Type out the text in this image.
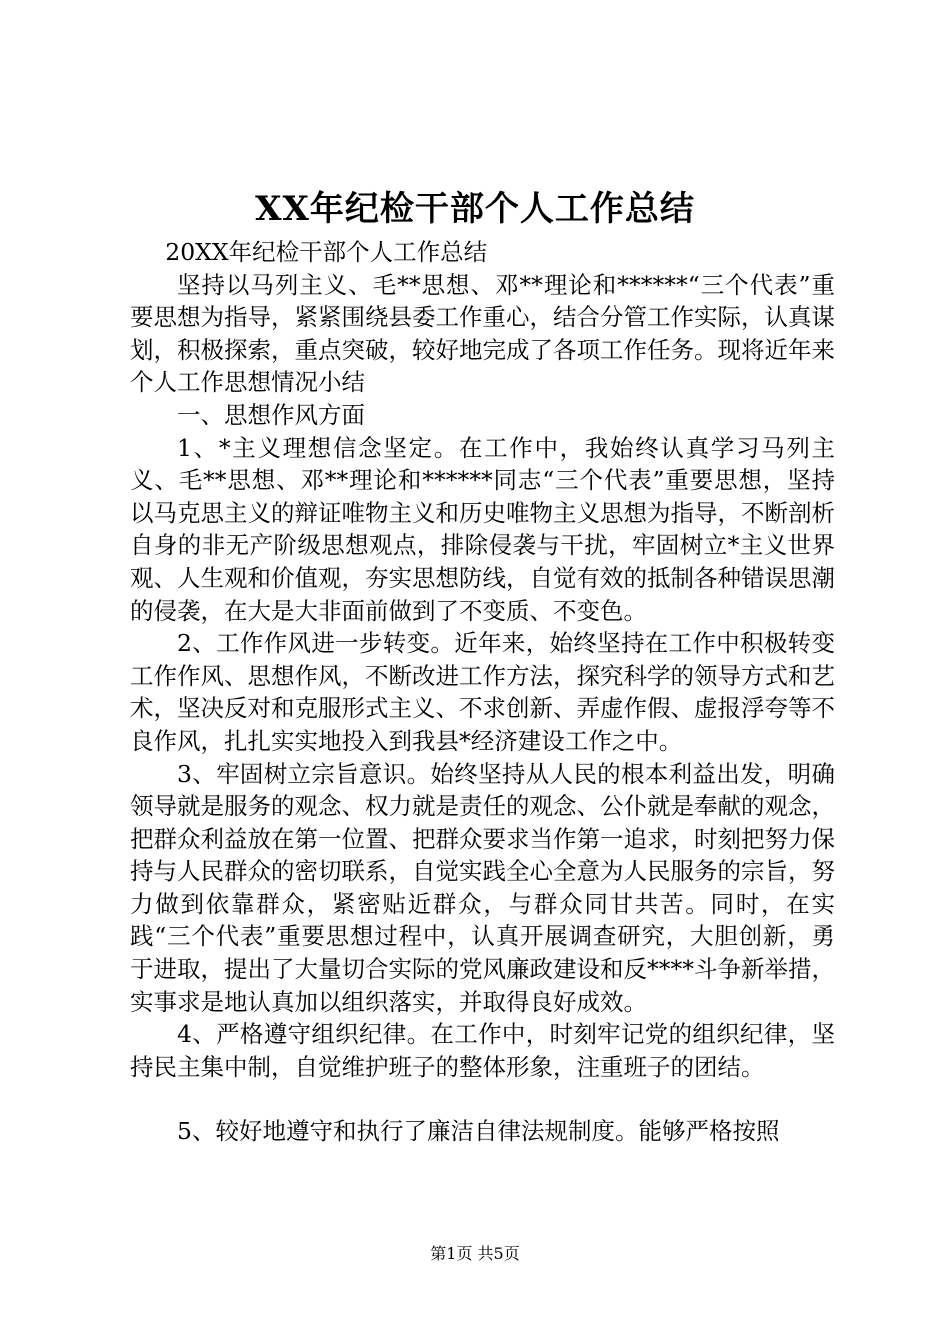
XX年纪检干部个人工作总结

20XX年纪检干部个人工作总结

坚持以马列主义、毛**思想、邓**理论和******“三个代表”重要思想为指导，紧紧围绕县委工作重心，结合分管工作实际，认真谋划，积极探索，重点突破，较好地完成了各项工作任务。现将近年来个人工作思想情况小结

一、思想作风方面

1、*主义理想信念坚定。在工作中，我始终认真学习马列主义、毛**思想、邓**理论和******同志“三个代表”重要思想，坚持以马克思主义的辩证唯物主义和历史唯物主义思想为指导，不断剖析自身的非无产阶级思想观点，排除侵袭与干扰，牢固树立*主义世界观、人生观和价值观，夯实思想防线，自觉有效的抵制各种错误思潮的侵袭，在大是大非面前做到了不变质、不变色。

2、工作作风进一步转变。近年来，始终坚持在工作中积极转变工作作风、思想作风，不断改进工作方法，探究科学的领导方式和艺术，坚决反对和克服形式主义、不求创新、弄虚作假、虚报浮夸等不良作风，扎扎实实地投入到我县*经济建设工作之中。

3、牢固树立宗旨意识。始终坚持从人民的根本利益出发，明确领导就是服务的观念、权力就是责任的观念、公仆就是奉献的观念，把群众利益放在第一位置、把群众要求当作第一追求，时刻把努力保持与人民群众的密切联系，自觉实践全心全意为人民服务的宗旨，努力做到依靠群众，紧密贴近群众，与群众同甘共苦。同时，在实践“三个代表”重要思想过程中，认真开展调查研究，大胆创新，勇于进取，提出了大量切合实际的党风廉政建设和反****斗争新举措，实事求是地认真加以组织落实，并取得良好成效。

4、严格遵守组织纪律。在工作中，时刻牢记党的组织纪律，坚持民主集中制，自觉维护班子的整体形象，注重班子的团结。

5、较好地遵守和执行了廉洁自律法规制度。能够严格按照

第1页 共5页
